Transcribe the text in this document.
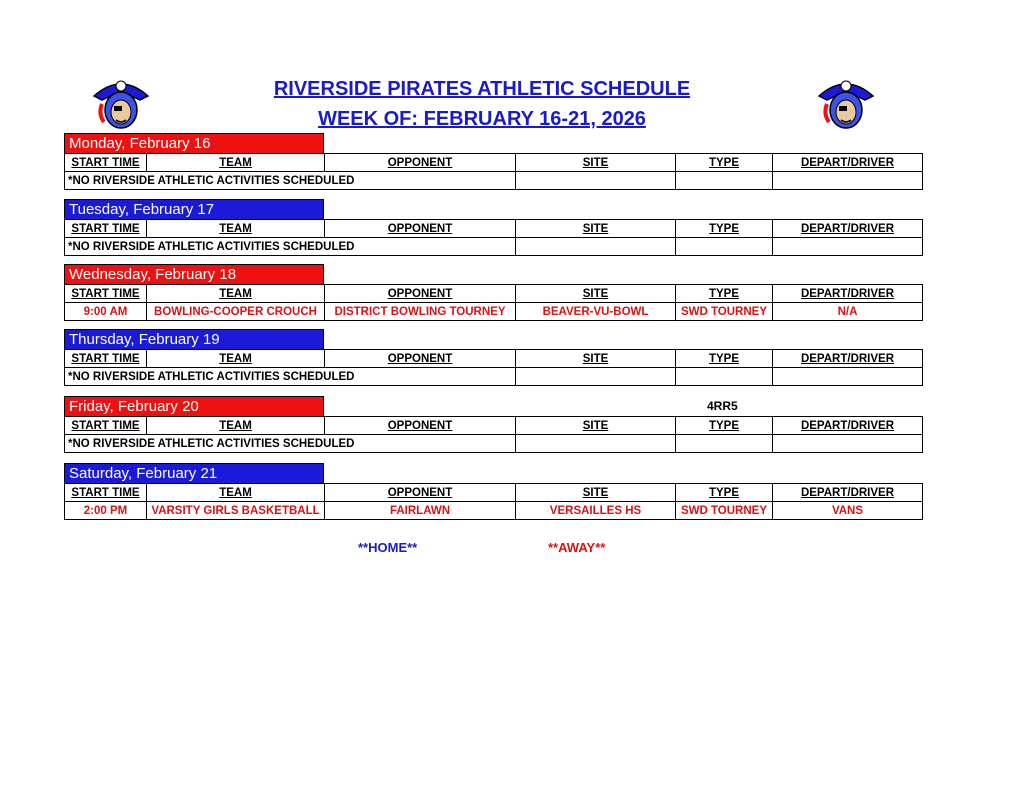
RIVERSIDE PIRATES ATHLETIC SCHEDULE
WEEK OF: FEBRUARY 16-21, 2026
Monday, February 16
START TIME	TEAM	OPPONENT	SITE	TYPE	DEPART/DRIVER
*NO RIVERSIDE ATHLETIC ACTIVITIES SCHEDULED					
Tuesday, February 17
START TIME	TEAM	OPPONENT	SITE	TYPE	DEPART/DRIVER
*NO RIVERSIDE ATHLETIC ACTIVITIES SCHEDULED					
Wednesday, February 18
START TIME	TEAM	OPPONENT	SITE	TYPE	DEPART/DRIVER
9:00 AM	BOWLING-COOPER CROUCH	DISTRICT BOWLING TOURNEY	BEAVER-VU-BOWL	SWD TOURNEY	N/A
Thursday, February 19
START TIME	TEAM	OPPONENT	SITE	TYPE	DEPART/DRIVER
*NO RIVERSIDE ATHLETIC ACTIVITIES SCHEDULED					
Friday, February 20	4RR5
START TIME	TEAM	OPPONENT	SITE	TYPE	DEPART/DRIVER
*NO RIVERSIDE ATHLETIC ACTIVITIES SCHEDULED					
Saturday, February 21
START TIME	TEAM	OPPONENT	SITE	TYPE	DEPART/DRIVER
2:00 PM	VARSITY GIRLS BASKETBALL	FAIRLAWN	VERSAILLES HS	SWD TOURNEY	VANS
**HOME**	**AWAY**
